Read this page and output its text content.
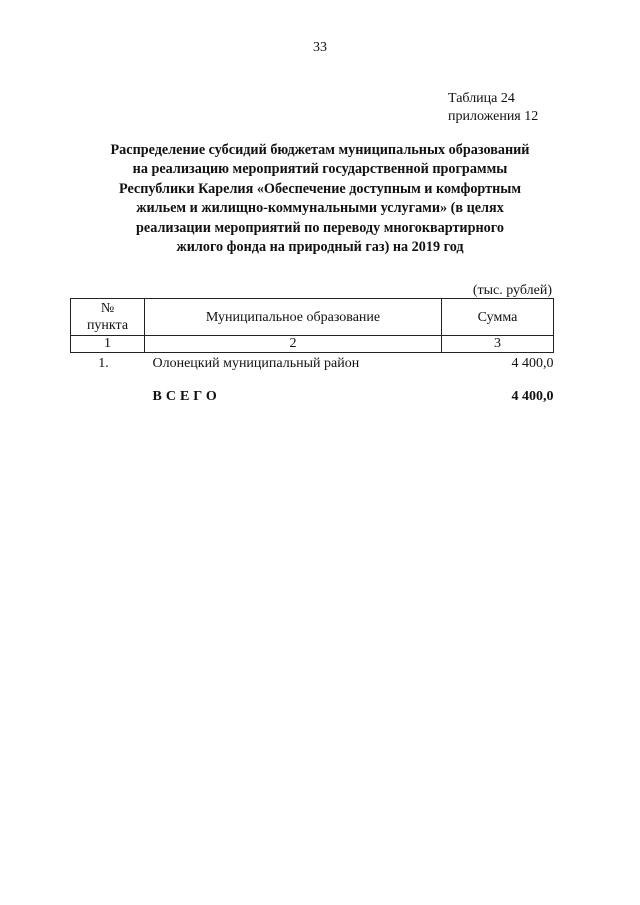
33
Таблица 24
приложения 12
Распределение субсидий бюджетам муниципальных образований
на реализацию мероприятий государственной программы
Республики Карелия «Обеспечение доступным и комфортным
жильем и жилищно-коммунальными услугами» (в целях
реализации мероприятий по переводу многоквартирного
жилого фонда на природный газ) на 2019 год
(тыс. рублей)
№
пункта	Муниципальное образование	Сумма
1	2	3
1.	Олонецкий муниципальный район	4 400,0
	ВСЕГО	4 400,0
